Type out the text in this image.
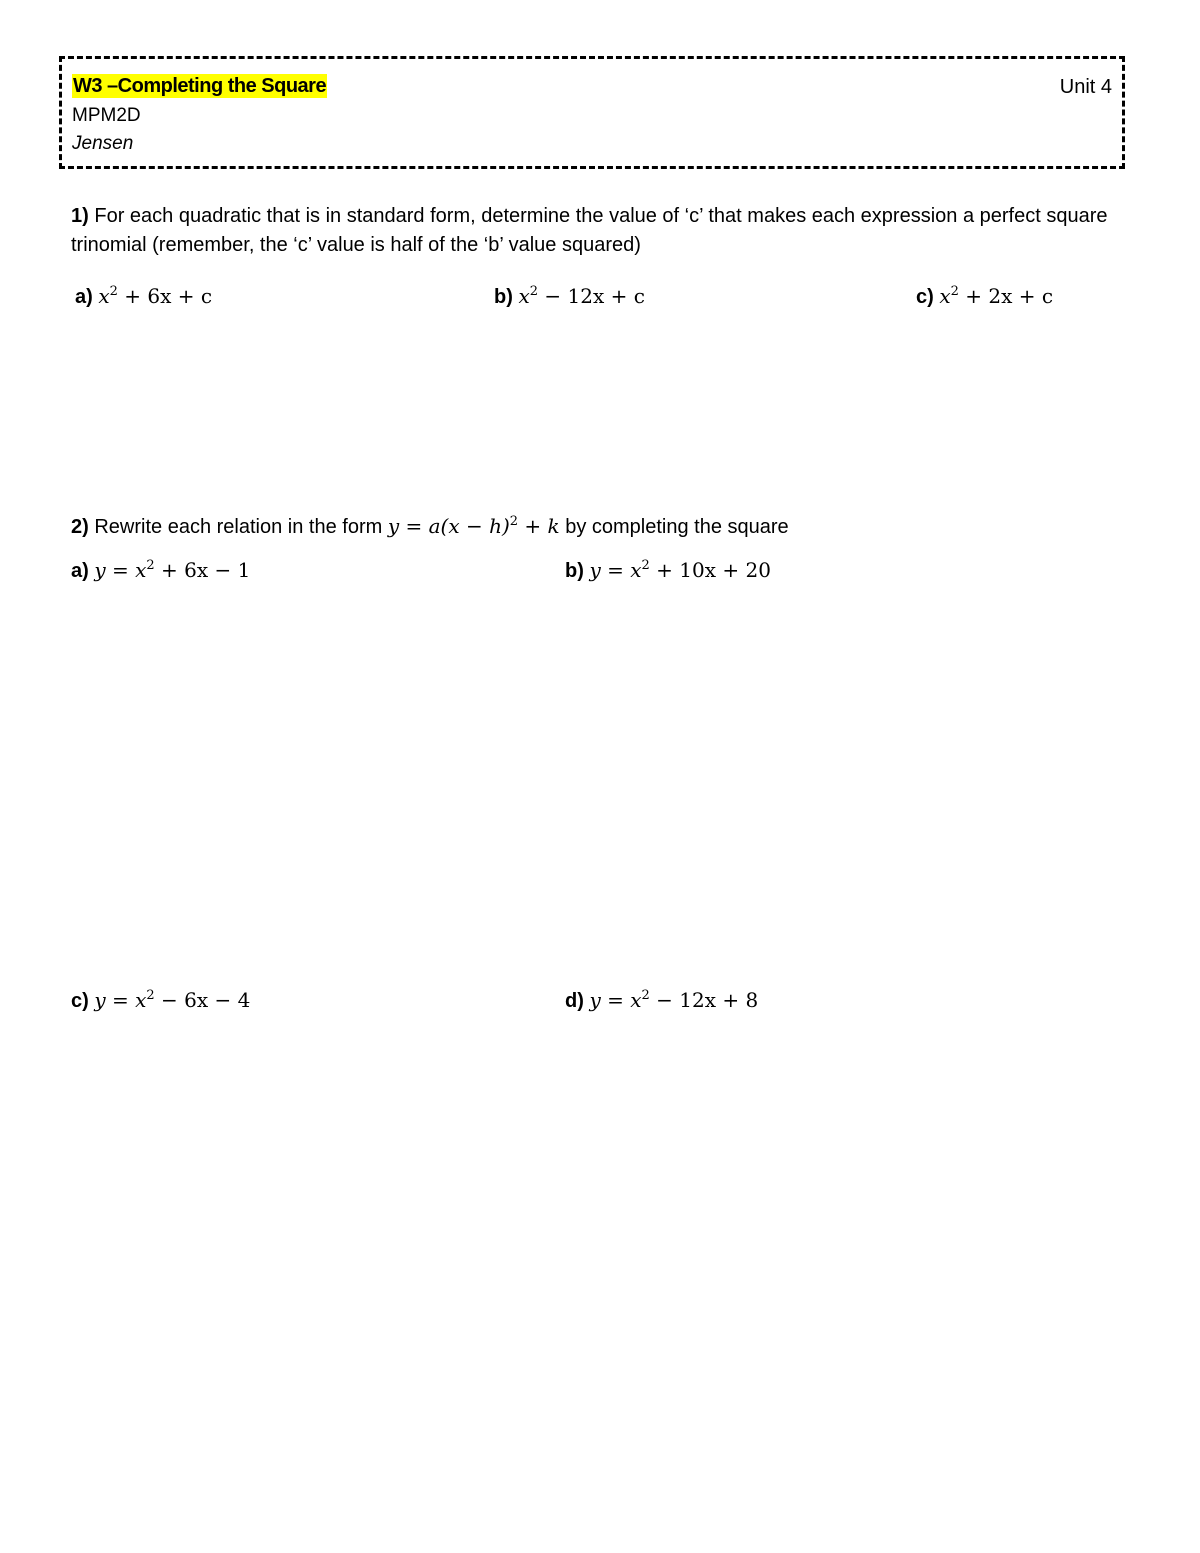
W3 –Completing the Square
MPM2D
Jensen
Unit 4
1) For each quadratic that is in standard form, determine the value of ‘c’ that makes each expression a perfect square trinomial (remember, the ‘c’ value is half of the ‘b’ value squared)
a) $x^2 + 6x + c$	b) $x^2 - 12x + c$	c) $x^2 + 2x + c$
2) Rewrite each relation in the form $y = a(x - h)^2 + k$ by completing the square
a) $y = x^2 + 6x - 1$	b) $y = x^2 + 10x + 20$
c) $y = x^2 - 6x - 4$	d) $y = x^2 - 12x + 8$
